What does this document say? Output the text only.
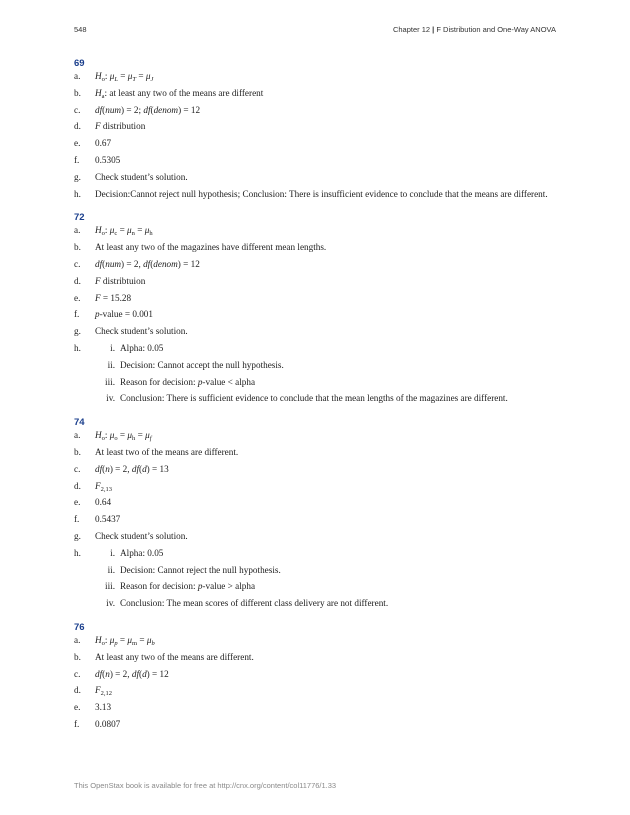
548	Chapter 12 | F Distribution and One-Way ANOVA
69
a.	$H_o$: $\mu_L = \mu_T = \mu_J$
b.	$H_a$: at least any two of the means are different
c.	df(num) = 2; df(denom) = 12
d.	F distribution
e.	0.67
f.	0.5305
g.	Check student’s solution.
h.	Decision:Cannot reject null hypothesis; Conclusion: There is insufficient evidence to conclude that the means are different.
72
a.	$H_o$: $\mu_c = \mu_n = \mu_h$
b.	At least any two of the magazines have different mean lengths.
c.	df(num) = 2, df(denom) = 12
d.	F distribtuion
e.	F = 15.28
f.	p-value = 0.001
g.	Check student’s solution.
h.	i. Alpha: 0.05
ii. Decision: Cannot accept the null hypothesis.
iii. Reason for decision: p-value < alpha
iv. Conclusion: There is sufficient evidence to conclude that the mean lengths of the magazines are different.
74
a.	$H_o$: $\mu_o = \mu_h = \mu_f$
b.	At least two of the means are different.
c.	df(n) = 2, df(d) = 13
d.	$F_{2,13}$
e.	0.64
f.	0.5437
g.	Check student’s solution.
h.	i. Alpha: 0.05
ii. Decision: Cannot reject the null hypothesis.
iii. Reason for decision: p-value > alpha
iv. Conclusion: The mean scores of different class delivery are not different.
76
a.	$H_o$: $\mu_p = \mu_m = \mu_b$
b.	At least any two of the means are different.
c.	df(n) = 2, df(d) = 12
d.	$F_{2,12}$
e.	3.13
f.	0.0807
This OpenStax book is available for free at http://cnx.org/content/col11776/1.33
